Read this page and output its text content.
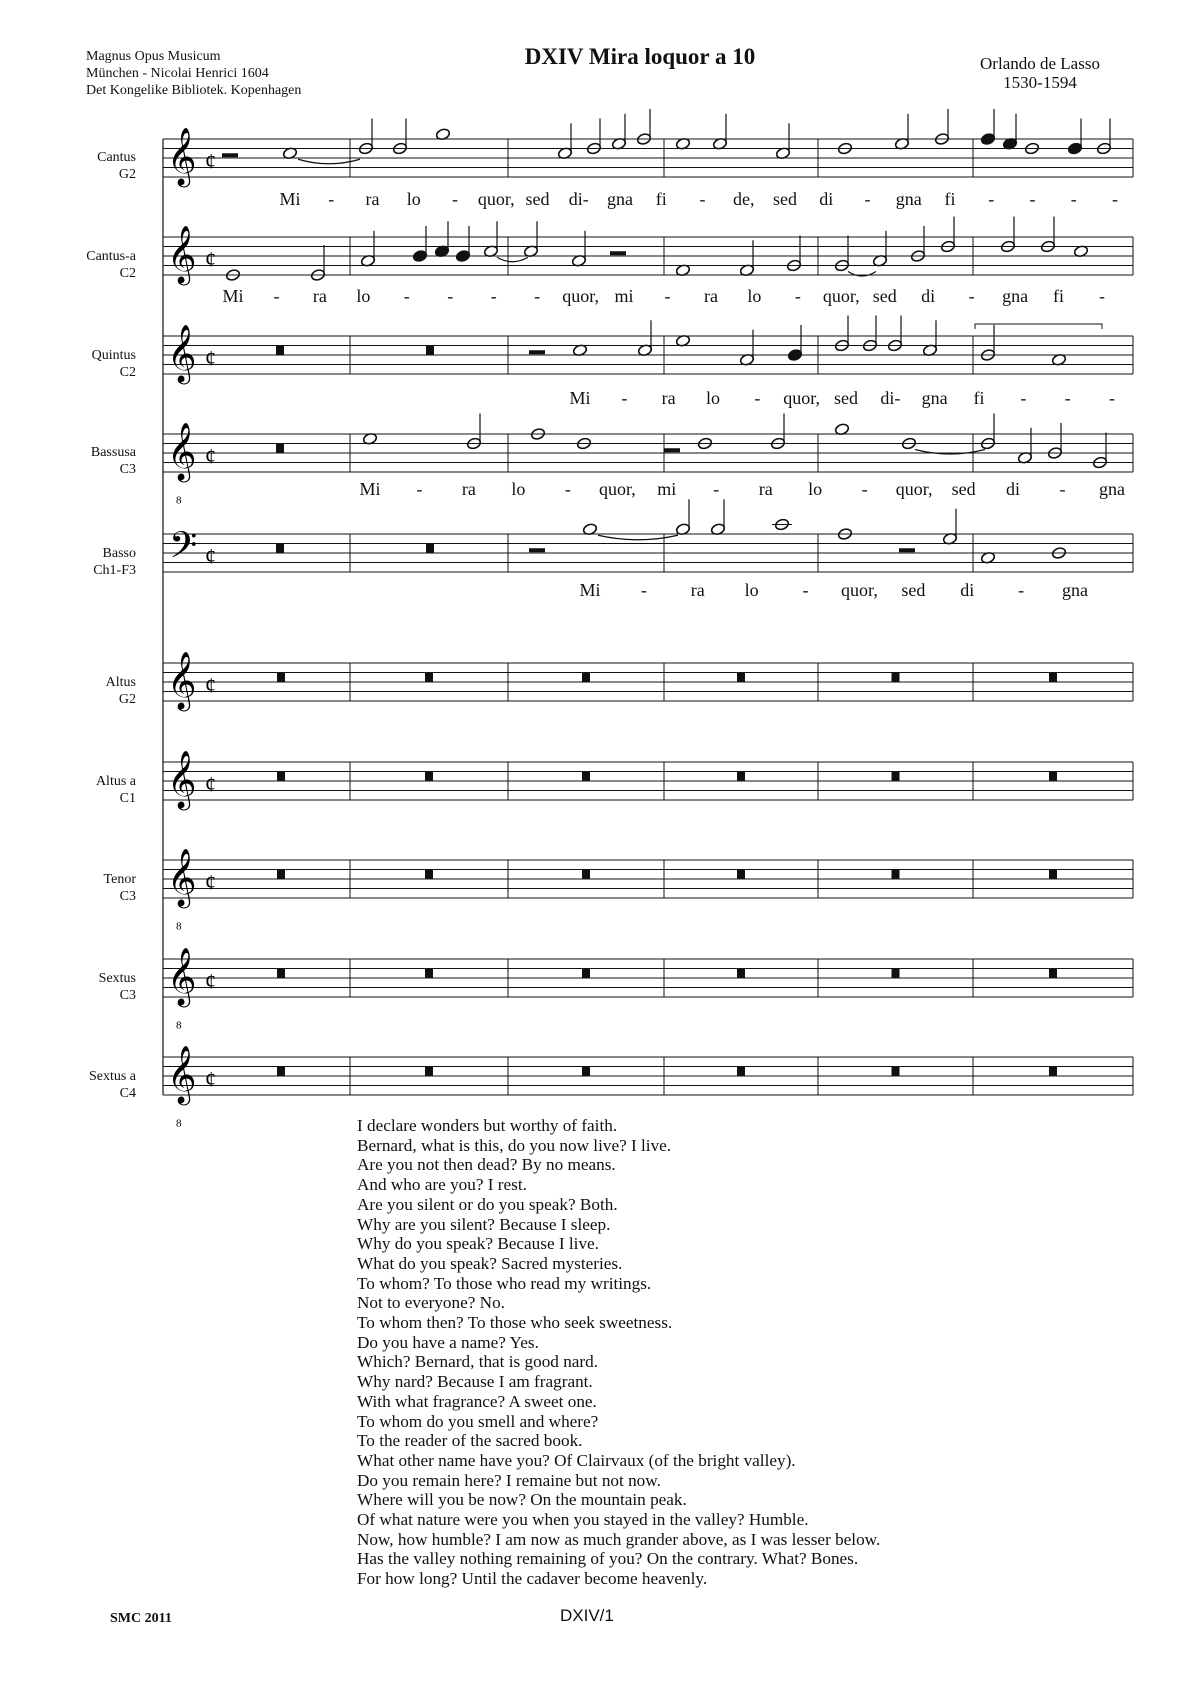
Magnus Opus Musicum
München - Nicolai Henrici 1604
Det Kongelike Bibliotek. Kopenhagen
DXIV Mira loquor a 10	Orlando de Lasso
1530-1594
𝄞 ¢
𝄞 ¢
𝄞 ¢
𝄞
8
¢
𝄢 ¢
𝄞 ¢
𝄞 ¢
𝄞
8
¢
𝄞
8
¢
𝄞
8
¢
Cantus
G2
Cantus-a
C2
Quintus
C2
Bassusa
C3
Basso
Ch1-F3
Altus
G2
Altus a
C1
Tenor
C3
Sextus
C3
Sextus a
C4
Mi - ra lo - quor, sed di- gna fi - de, sed di - gna fi - - - -
Mi - ra lo - - - - quor, mi - ra lo - quor, sed di - gna fi -
Mi - ra lo - quor, sed di- gna fi - - -
Mi - ra lo - quor, mi - ra lo - quor, sed di - gna
Mi - ra lo - quor, sed di - gna
I declare wonders but worthy of faith.
Bernard, what is this, do you now live? I live.
Are you not then dead? By no means.
And who are you? I rest.
Are you silent or do you speak? Both.
Why are you silent? Because I sleep.
Why do you speak? Because I live.
What do you speak? Sacred mysteries.
To whom? To those who read my writings.
Not to everyone? No.
To whom then? To those who seek sweetness.
Do you have a name? Yes.
Which? Bernard, that is good nard.
Why nard? Because I am fragrant.
With what fragrance? A sweet one.
To whom do you smell and where?
To the reader of the sacred book.
What other name have you? Of Clairvaux (of the bright valley).
Do you remain here? I remaine but not now.
Where will you be now? On the mountain peak.
Of what nature were you when you stayed in the valley? Humble.
Now, how humble? I am now as much grander above, as I was lesser below.
Has the valley nothing remaining of you? On the contrary. What? Bones.
For how long? Until the cadaver become heavenly.
SMC 2011	DXIV/1
